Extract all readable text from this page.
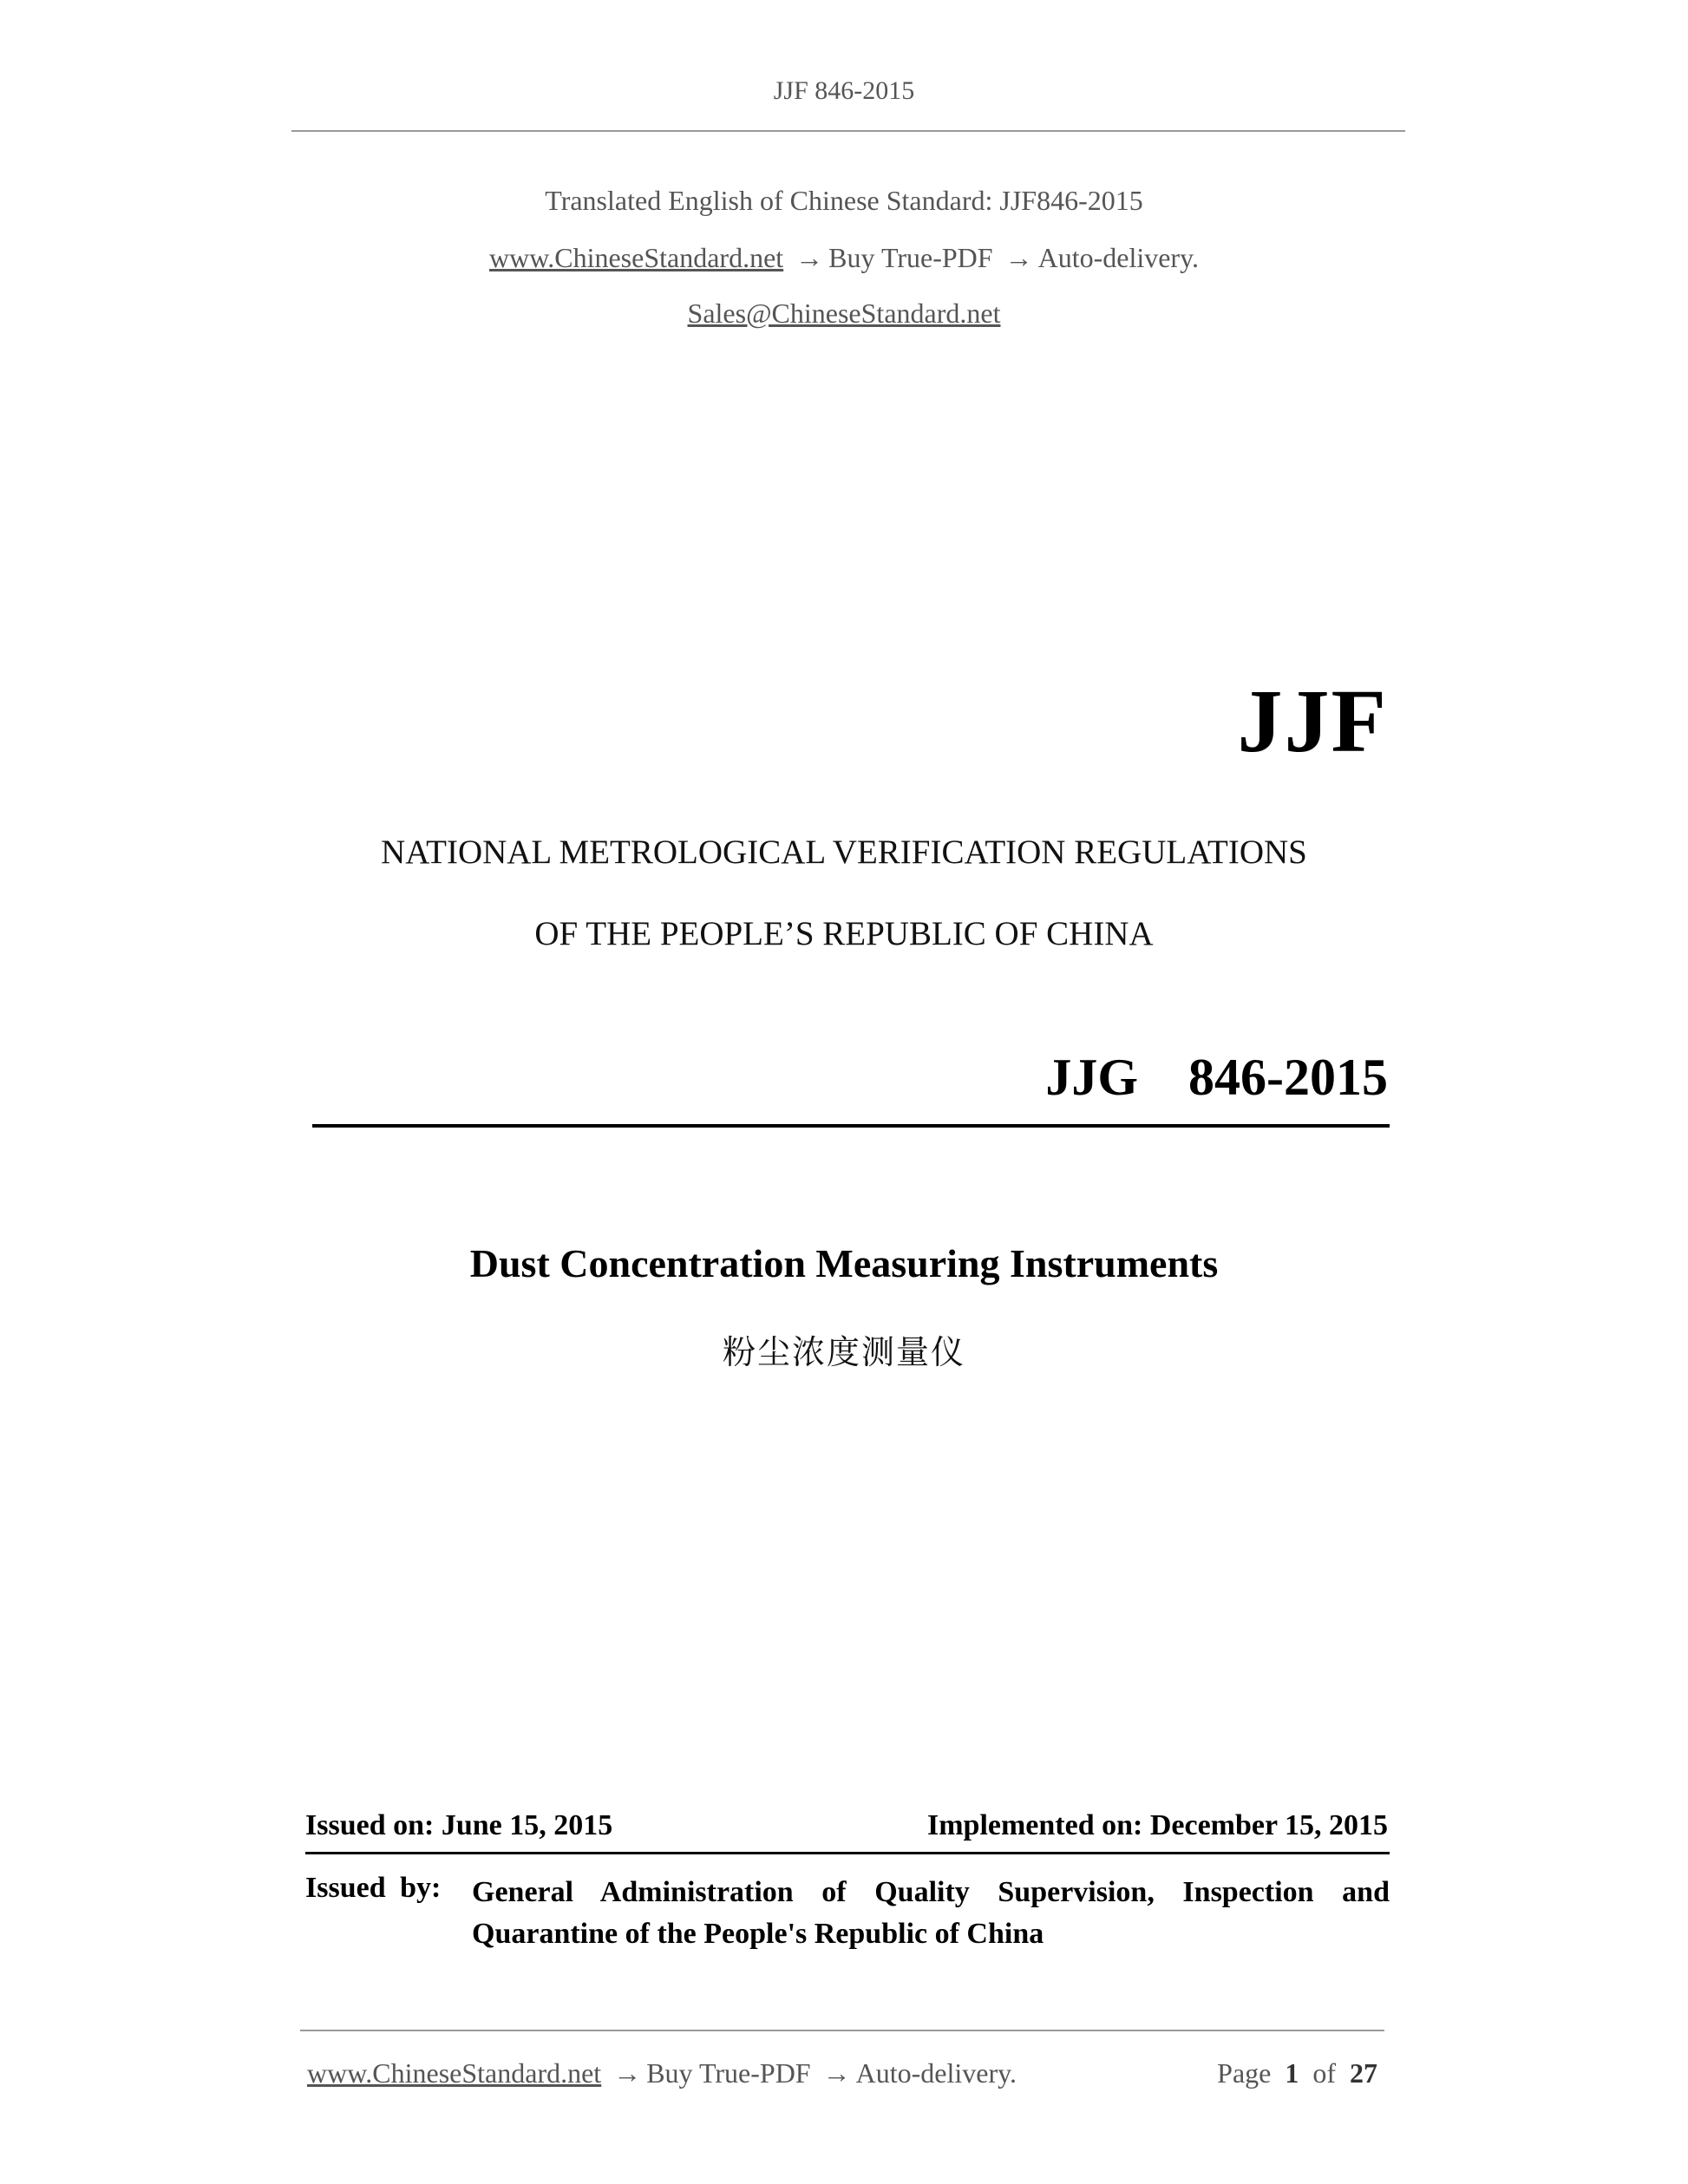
JJF 846-2015
Translated English of Chinese Standard: JJF846-2015
www.ChineseStandard.net → Buy True-PDF → Auto-delivery.
Sales@ChineseStandard.net
JJF
NATIONAL METROLOGICAL VERIFICATION REGULATIONS
OF THE PEOPLE’S REPUBLIC OF CHINA
JJG  846-2015
Dust Concentration Measuring Instruments
粉尘浓度测量仪
Issued on: June 15, 2015	Implemented on: December 15, 2015
Issued by: General Administration of Quality Supervision, Inspection and
Quarantine of the People's Republic of China
www.ChineseStandard.net → Buy True-PDF → Auto-delivery.	Page 1 of 27
